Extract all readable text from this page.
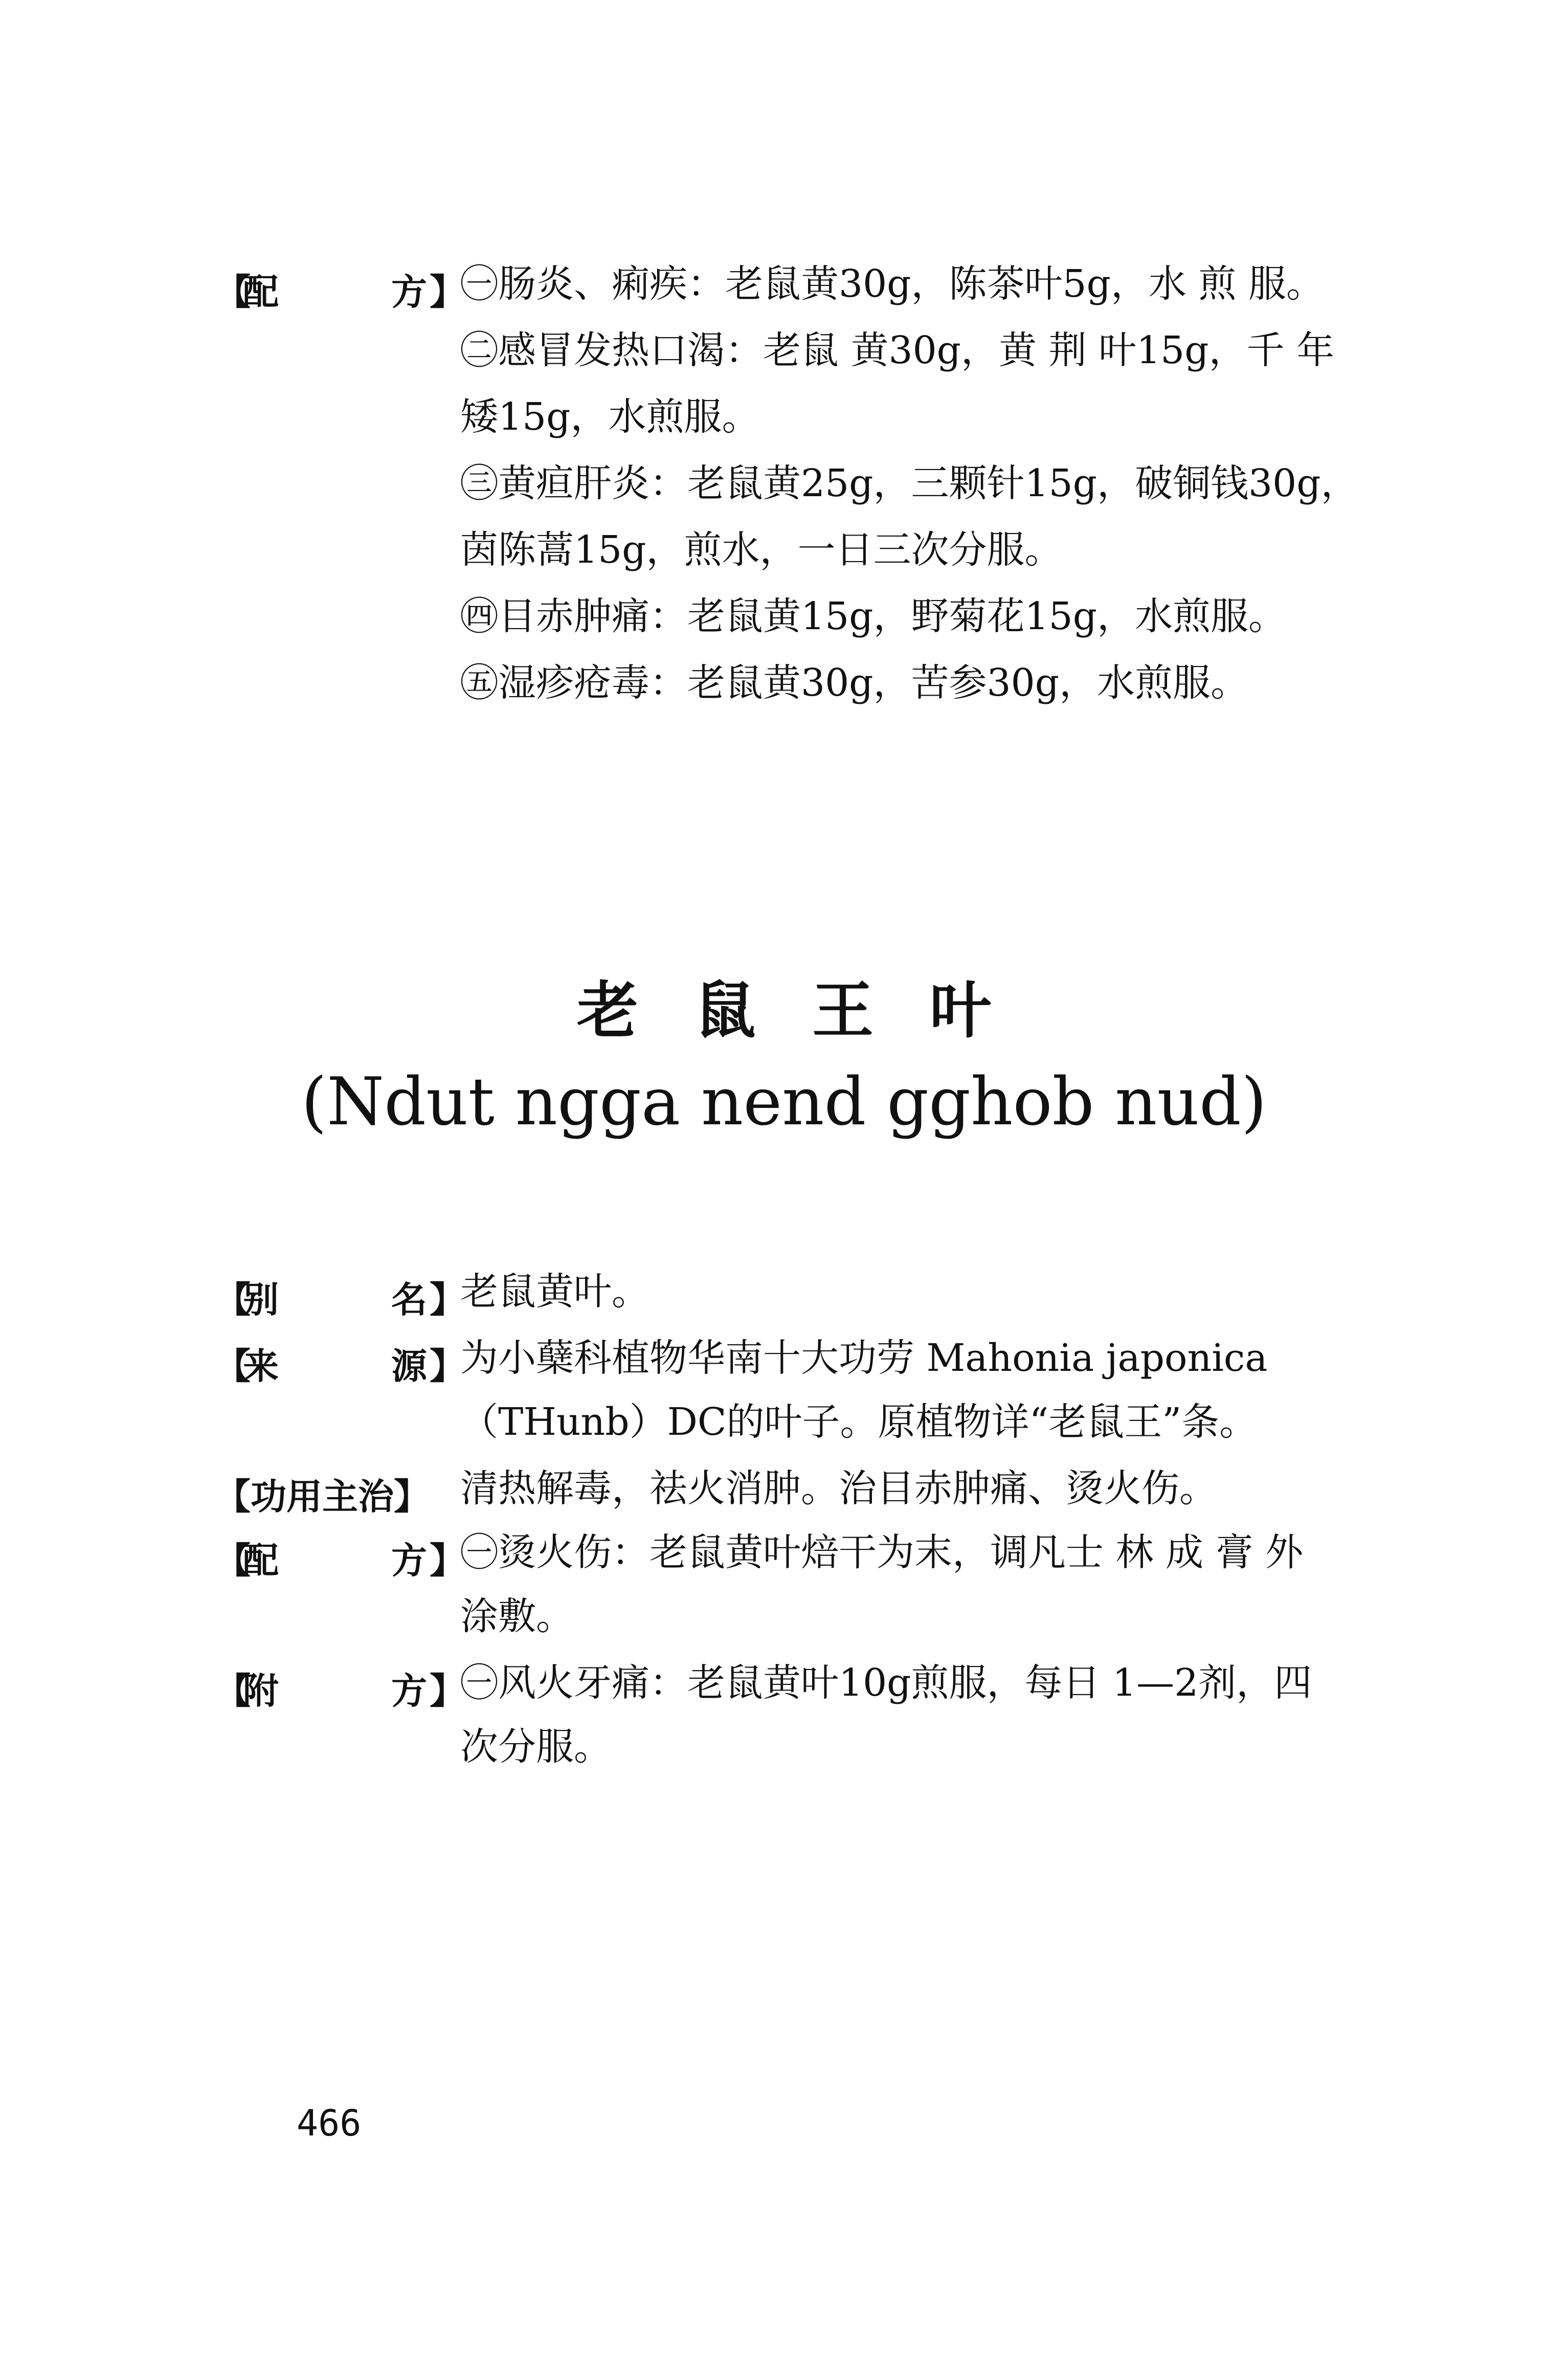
【
配	方 】
㊀肠炎、痢疾：老鼠黄30g，陈茶叶5g，水 煎 服。
㊁感冒发热口渴：老鼠 黄30g，黄 荆 叶15g，千 年
矮15g，水煎服。
㊂黄疸肝炎：老鼠黄25g，三颗针15g，破铜钱30g，
茵陈蒿15g，煎水，一日三次分服。
㊃目赤肿痛：老鼠黄15g，野菊花15g，水煎服。
㊄湿疹疮毒：老鼠黄30g，苦参30g，水煎服。
老鼠王叶
(Ndut ngga nend gghob nud)
【
别	名 】
老鼠黄叶。
【
来	源 】
为小蘖科植物华南十大功劳 Mahonia japonica
（THunb）DC的叶子。原植物详“老鼠王”条。
【功用主治】 清热解毒，祛火消肿。治目赤肿痛、烫火伤。
【
配	方 】
㊀烫火伤：老鼠黄叶焙干为末，调凡士 林 成 膏 外
涂敷。
【
附	方 】
㊀风火牙痛：老鼠黄叶10g煎服，每日 1—2剂，四
次分服。
466
